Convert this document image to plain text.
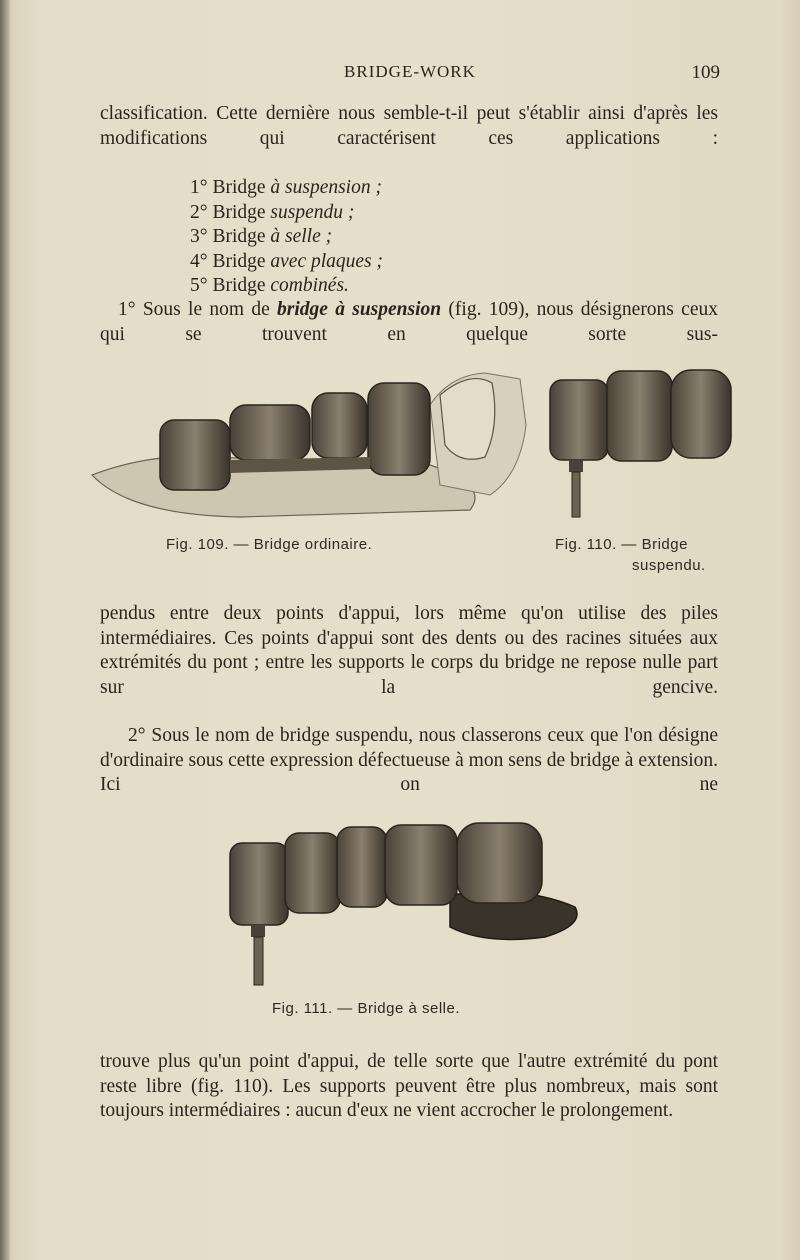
BRIDGE-WORK	109

classification. Cette dernière nous semble-t-il peut s'établir ainsi d'après les modifications qui caractérisent ces applications :

1° Bridge à suspension ;
2° Bridge suspendu ;
3° Bridge à selle ;
4° Bridge avec plaques ;
5° Bridge combinés.

1° Sous le nom de bridge à suspension (fig. 109), nous désignerons ceux qui se trouvent en quelque sorte sus-

Fig. 109. — Bridge ordinaire.	Fig. 110. — Bridge
suspendu.

pendus entre deux points d'appui, lors même qu'on utilise des piles intermédiaires. Ces points d'appui sont des dents ou des racines situées aux extrémités du pont ; entre les supports le corps du bridge ne repose nulle part sur la gencive.

2° Sous le nom de bridge suspendu, nous classerons ceux que l'on désigne d'ordinaire sous cette expression défectueuse à mon sens de bridge à extension. Ici on ne

Fig. 111. — Bridge à selle.

trouve plus qu'un point d'appui, de telle sorte que l'autre extrémité du pont reste libre (fig. 110). Les supports peuvent être plus nombreux, mais sont toujours intermédiaires : aucun d'eux ne vient accrocher le prolongement.
